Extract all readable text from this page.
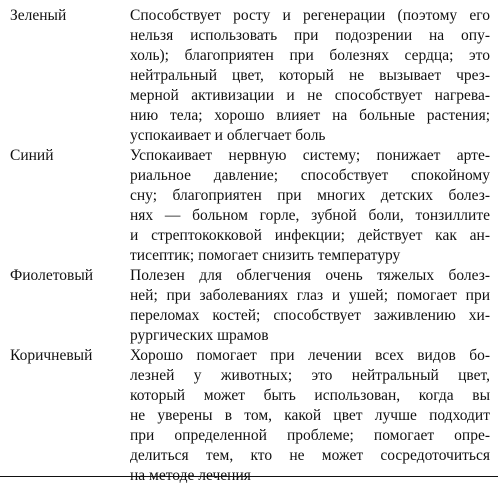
Зеленый	Способствует росту и регенерации (поэтому его
нельзя использовать при подозрении на опу-
холь); благоприятен при болезнях сердца; это
нейтральный цвет, который не вызывает чрез-
мерной активизации и не способствует нагрева-
нию тела; хорошо влияет на больные растения;
успокаивает и облегчает боль
Синий	Успокаивает нервную систему; понижает арте-
риальное давление; способствует спокойному
сну; благоприятен при многих детских болез-
нях — больном горле, зубной боли, тонзиллите
и стрептококковой инфекции; действует как ан-
тисептик; помогает снизить температуру
Фиолетовый Полезен для облегчения очень тяжелых болез-
ней; при заболеваниях глаз и ушей; помогает при
переломах костей; способствует заживлению хи-
рургических шрамов
Коричневый Хорошо помогает при лечении всех видов бо-
лезней у животных; это нейтральный цвет,
который может быть использован, когда вы
не уверены в том, какой цвет лучше подходит
при определенной проблеме; помогает опре-
делиться тем, кто не может сосредоточиться
на методе лечения
